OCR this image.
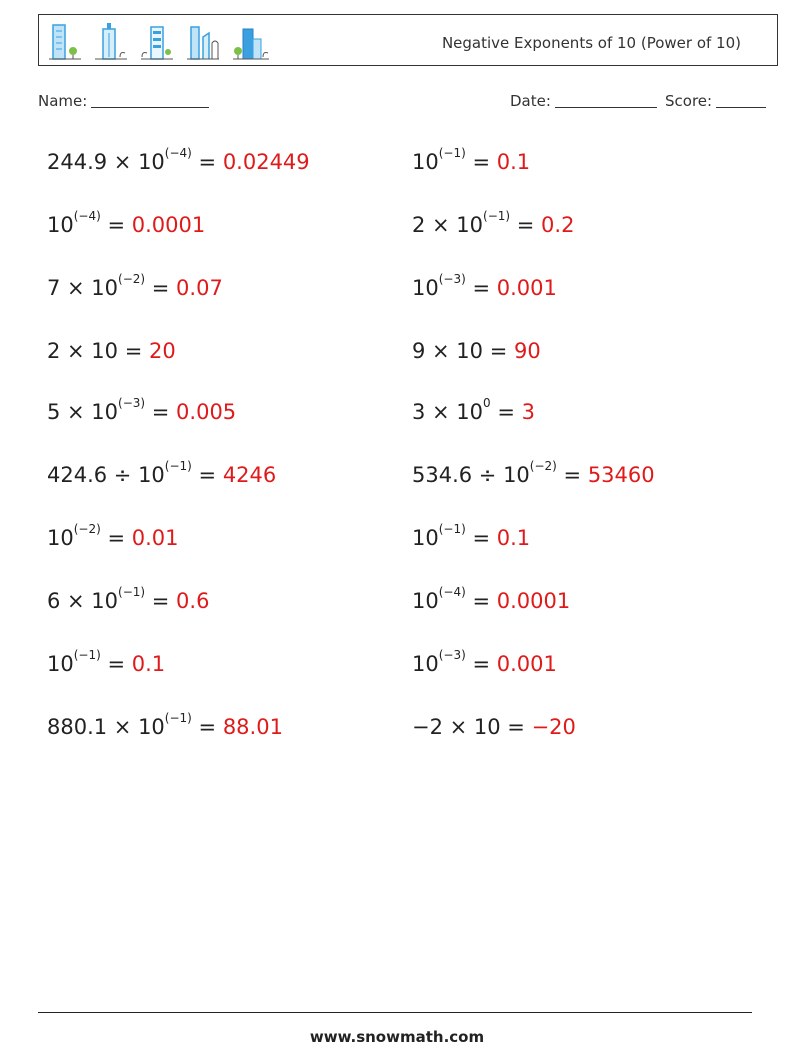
Negative Exponents of 10 (Power of 10)
Name:	Date:	Score:
$244.9 \times 10^{(-4)} = 0.02449$
$10^{(-4)} = 0.0001$
$7 \times 10^{(-2)} = 0.07$
2 × 10 = 20
$5 \times 10^{(-3)} = 0.005$
$424.6 \div 10^{(-1)} = 4246$
$10^{(-2)} = 0.01$
$6 \times 10^{(-1)} = 0.6$
$10^{(-1)} = 0.1$
$880.1 \times 10^{(-1)} = 88.01$
$10^{(-1)} = 0.1$
$2 \times 10^{(-1)} = 0.2$
$10^{(-3)} = 0.001$
9 × 10 = 90
$3 \times 10^0 = 3$
$534.6 \div 10^{(-2)} = 53460$
$10^{(-1)} = 0.1$
$10^{(-4)} = 0.0001$
$10^{(-3)} = 0.001$
−2 × 10 = −20
www.snowmath.com
